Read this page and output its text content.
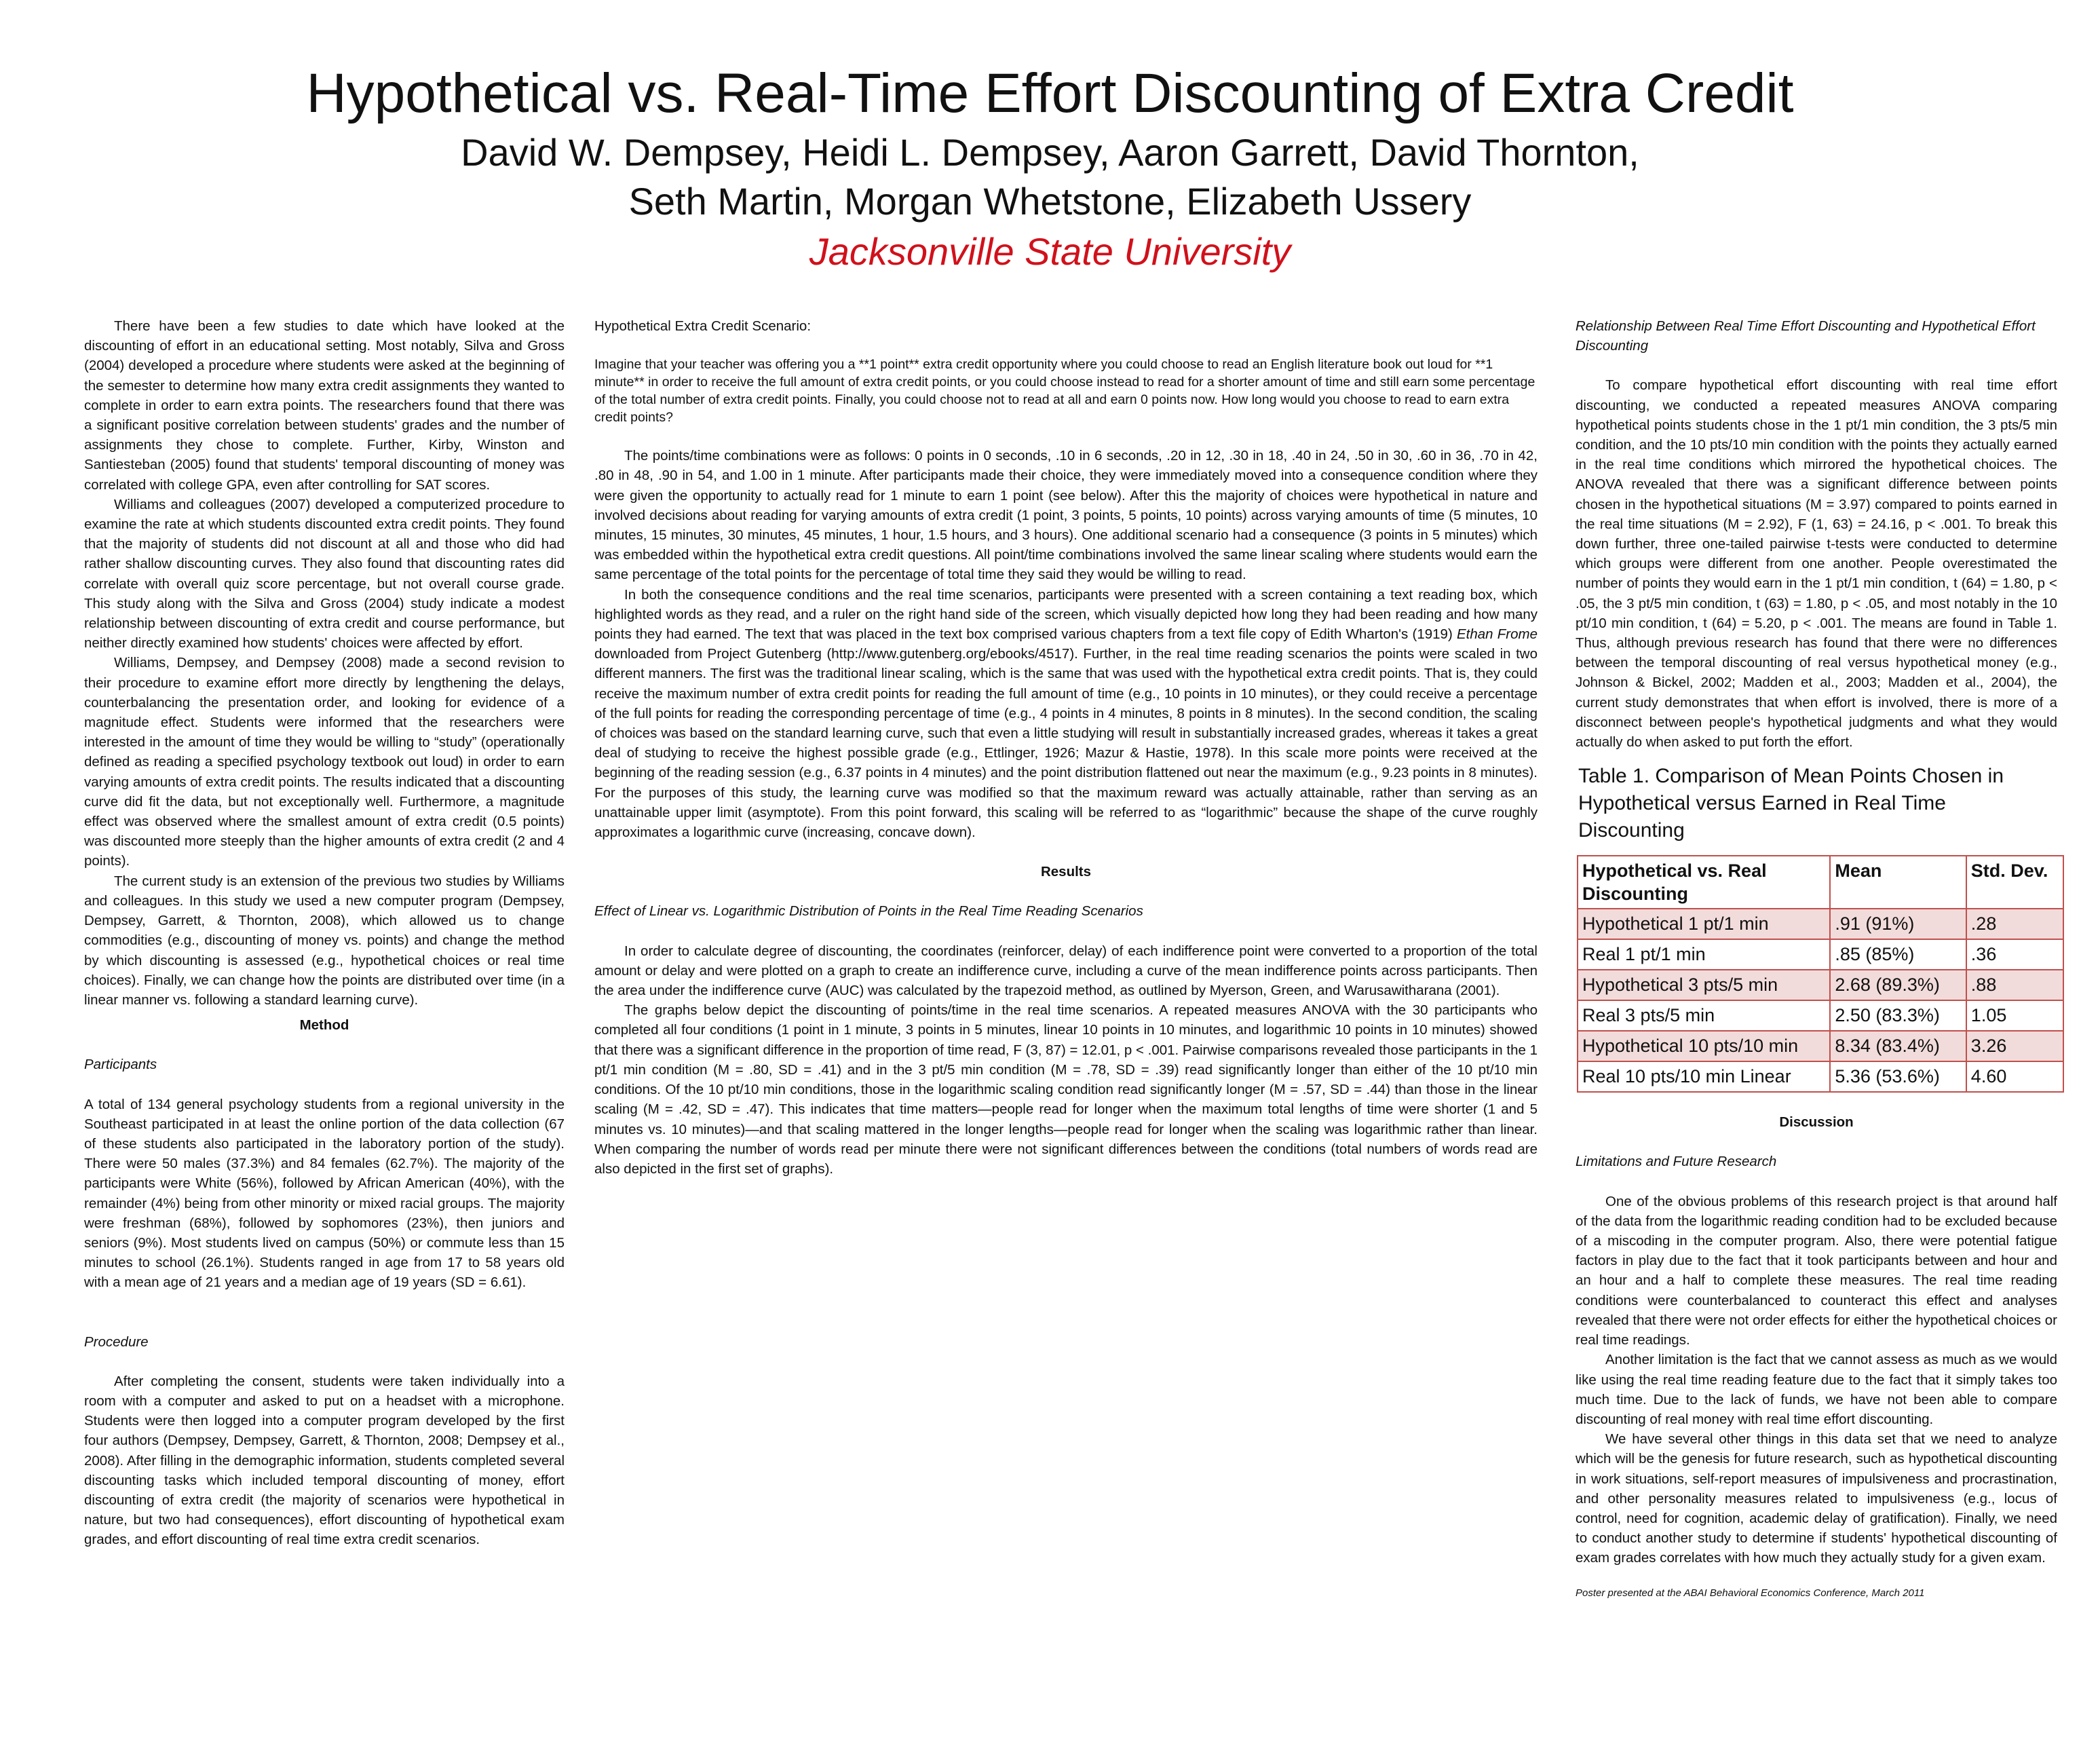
Hypothetical vs. Real-Time Effort Discounting of Extra Credit
David W. Dempsey, Heidi L. Dempsey, Aaron Garrett, David Thornton,
Seth Martin, Morgan Whetstone, Elizabeth Ussery
Jacksonville State University

There have been a few studies to date which have looked at the discounting of effort in an educational setting. Most notably, Silva and Gross (2004) developed a procedure where students were asked at the beginning of the semester to determine how many extra credit assignments they wanted to complete in order to earn extra points. The researchers found that there was a significant positive correlation between students' grades and the number of assignments they chose to complete. Further, Kirby, Winston and Santiesteban (2005) found that students' temporal discounting of money was correlated with college GPA, even after controlling for SAT scores.

Williams and colleagues (2007) developed a computerized procedure to examine the rate at which students discounted extra credit points. They found that the majority of students did not discount at all and those who did had rather shallow discounting curves. They also found that discounting rates did correlate with overall quiz score percentage, but not overall course grade. This study along with the Silva and Gross (2004) study indicate a modest relationship between discounting of extra credit and course performance, but neither directly examined how students' choices were affected by effort.

Williams, Dempsey, and Dempsey (2008) made a second revision to their procedure to examine effort more directly by lengthening the delays, counterbalancing the presentation order, and looking for evidence of a magnitude effect. Students were informed that the researchers were interested in the amount of time they would be willing to “study” (operationally defined as reading a specified psychology textbook out loud) in order to earn varying amounts of extra credit points. The results indicated that a discounting curve did fit the data, but not exceptionally well. Furthermore, a magnitude effect was observed where the smallest amount of extra credit (0.5 points) was discounted more steeply than the higher amounts of extra credit (2 and 4 points).

The current study is an extension of the previous two studies by Williams and colleagues. In this study we used a new computer program (Dempsey, Dempsey, Garrett, & Thornton, 2008), which allowed us to change commodities (e.g., discounting of money vs. points) and change the method by which discounting is assessed (e.g., hypothetical choices or real time choices). Finally, we can change how the points are distributed over time (in a linear manner vs. following a standard learning curve).

Method

Participants

A total of 134 general psychology students from a regional university in the Southeast participated in at least the online portion of the data collection (67 of these students also participated in the laboratory portion of the study). There were 50 males (37.3%) and 84 females (62.7%). The majority of the participants were White (56%), followed by African American (40%), with the remainder (4%) being from other minority or mixed racial groups. The majority were freshman (68%), followed by sophomores (23%), then juniors and seniors (9%). Most students lived on campus (50%) or commute less than 15 minutes to school (26.1%). Students ranged in age from 17 to 58 years old with a mean age of 21 years and a median age of 19 years (SD = 6.61).

Procedure

After completing the consent, students were taken individually into a room with a computer and asked to put on a headset with a microphone. Students were then logged into a computer program developed by the first four authors (Dempsey, Dempsey, Garrett, & Thornton, 2008; Dempsey et al., 2008). After filling in the demographic information, students completed several discounting tasks which included temporal discounting of money, effort discounting of extra credit (the majority of scenarios were hypothetical in nature, but two had consequences), effort discounting of hypothetical exam grades, and effort discounting of real time extra credit scenarios.

Hypothetical Extra Credit Scenario:

Imagine that your teacher was offering you a **1 point** extra credit opportunity where you could choose to read an English literature book out loud for **1 minute** in order to receive the full amount of extra credit points, or you could choose instead to read for a shorter amount of time and still earn some percentage of the total number of extra credit points. Finally, you could choose not to read at all and earn 0 points now. How long would you choose to read to earn extra credit points?

The points/time combinations were as follows: 0 points in 0 seconds, .10 in 6 seconds, .20 in 12, .30 in 18, .40 in 24, .50 in 30, .60 in 36, .70 in 42, .80 in 48, .90 in 54, and 1.00 in 1 minute. After participants made their choice, they were immediately moved into a consequence condition where they were given the opportunity to actually read for 1 minute to earn 1 point (see below). After this the majority of choices were hypothetical in nature and involved decisions about reading for varying amounts of extra credit (1 point, 3 points, 5 points, 10 points) across varying amounts of time (5 minutes, 10 minutes, 15 minutes, 30 minutes, 45 minutes, 1 hour, 1.5 hours, and 3 hours). One additional scenario had a consequence (3 points in 5 minutes) which was embedded within the hypothetical extra credit questions. All point/time combinations involved the same linear scaling where students would earn the same percentage of the total points for the percentage of total time they said they would be willing to read.

In both the consequence conditions and the real time scenarios, participants were presented with a screen containing a text reading box, which highlighted words as they read, and a ruler on the right hand side of the screen, which visually depicted how long they had been reading and how many points they had earned. The text that was placed in the text box comprised various chapters from a text file copy of Edith Wharton's (1919) Ethan Frome downloaded from Project Gutenberg (http://www.gutenberg.org/ebooks/4517). Further, in the real time reading scenarios the points were scaled in two different manners. The first was the traditional linear scaling, which is the same that was used with the hypothetical extra credit points. That is, they could receive the maximum number of extra credit points for reading the full amount of time (e.g., 10 points in 10 minutes), or they could receive a percentage of the full points for reading the corresponding percentage of time (e.g., 4 points in 4 minutes, 8 points in 8 minutes). In the second condition, the scaling of choices was based on the standard learning curve, such that even a little studying will result in substantially increased grades, whereas it takes a great deal of studying to receive the highest possible grade (e.g., Ettlinger, 1926; Mazur & Hastie, 1978). In this scale more points were received at the beginning of the reading session (e.g., 6.37 points in 4 minutes) and the point distribution flattened out near the maximum (e.g., 9.23 points in 8 minutes). For the purposes of this study, the learning curve was modified so that the maximum reward was actually attainable, rather than serving as an unattainable upper limit (asymptote). From this point forward, this scaling will be referred to as “logarithmic” because the shape of the curve roughly approximates a logarithmic curve (increasing, concave down).

Results

Effect of Linear vs. Logarithmic Distribution of Points in the Real Time Reading Scenarios

In order to calculate degree of discounting, the coordinates (reinforcer, delay) of each indifference point were converted to a proportion of the total amount or delay and were plotted on a graph to create an indifference curve, including a curve of the mean indifference points across participants. Then the area under the indifference curve (AUC) was calculated by the trapezoid method, as outlined by Myerson, Green, and Warusawitharana (2001).

The graphs below depict the discounting of points/time in the real time scenarios. A repeated measures ANOVA with the 30 participants who completed all four conditions (1 point in 1 minute, 3 points in 5 minutes, linear 10 points in 10 minutes, and logarithmic 10 points in 10 minutes) showed that there was a significant difference in the proportion of time read, F (3, 87) = 12.01, p < .001. Pairwise comparisons revealed those participants in the 1 pt/1 min condition (M = .80, SD = .41) and in the 3 pt/5 min condition (M = .78, SD = .39) read significantly longer than either of the 10 pt/10 min conditions. Of the 10 pt/10 min conditions, those in the logarithmic scaling condition read significantly longer (M = .57, SD = .44) than those in the linear scaling (M = .42, SD = .47). This indicates that time matters—people read for longer when the maximum total lengths of time were shorter (1 and 5 minutes vs. 10 minutes)—and that scaling mattered in the longer lengths—people read for longer when the scaling was logarithmic rather than linear. When comparing the number of words read per minute there were not significant differences between the conditions (total numbers of words read are also depicted in the first set of graphs).

Relationship Between Real Time Effort Discounting and Hypothetical Effort Discounting

To compare hypothetical effort discounting with real time effort discounting, we conducted a repeated measures ANOVA comparing hypothetical points students chose in the 1 pt/1 min condition, the 3 pts/5 min condition, and the 10 pts/10 min condition with the points they actually earned in the real time conditions which mirrored the hypothetical choices. The ANOVA revealed that there was a significant difference between points chosen in the hypothetical situations (M = 3.97) compared to points earned in the real time situations (M = 2.92), F (1, 63) = 24.16, p < .001. To break this down further, three one-tailed pairwise t-tests were conducted to determine which groups were different from one another. People overestimated the number of points they would earn in the 1 pt/1 min condition, t (64) = 1.80, p < .05, the 3 pt/5 min condition, t (63) = 1.80, p < .05, and most notably in the 10 pt/10 min condition, t (64) = 5.20, p < .001. The means are found in Table 1. Thus, although previous research has found that there were no differences between the temporal discounting of real versus hypothetical money (e.g., Johnson & Bickel, 2002; Madden et al., 2003; Madden et al., 2004), the current study demonstrates that when effort is involved, there is more of a disconnect between people's hypothetical judgments and what they would actually do when asked to put forth the effort.

Table 1. Comparison of Mean Points Chosen in Hypothetical versus Earned in Real Time Discounting
Hypothetical vs. Real Discounting	Mean	Std. Dev.
Hypothetical 1 pt/1 min	.91 (91%)	.28
Real 1 pt/1 min	.85 (85%)	.36
Hypothetical 3 pts/5 min	2.68 (89.3%)	.88
Real 3 pts/5 min	2.50 (83.3%)	1.05
Hypothetical 10 pts/10 min	8.34 (83.4%)	3.26
Real 10 pts/10 min Linear	5.36 (53.6%)	4.60

Discussion

Limitations and Future Research

One of the obvious problems of this research project is that around half of the data from the logarithmic reading condition had to be excluded because of a miscoding in the computer program. Also, there were potential fatigue factors in play due to the fact that it took participants between and hour and an hour and a half to complete these measures. The real time reading conditions were counterbalanced to counteract this effect and analyses revealed that there were not order effects for either the hypothetical choices or real time readings.

Another limitation is the fact that we cannot assess as much as we would like using the real time reading feature due to the fact that it simply takes too much time. Due to the lack of funds, we have not been able to compare discounting of real money with real time effort discounting.

We have several other things in this data set that we need to analyze which will be the genesis for future research, such as hypothetical discounting in work situations, self-report measures of impulsiveness and procrastination, and other personality measures related to impulsiveness (e.g., locus of control, need for cognition, academic delay of gratification). Finally, we need to conduct another study to determine if students' hypothetical discounting of exam grades correlates with how much they actually study for a given exam.

Poster presented at the ABAI Behavioral Economics Conference, March 2011
